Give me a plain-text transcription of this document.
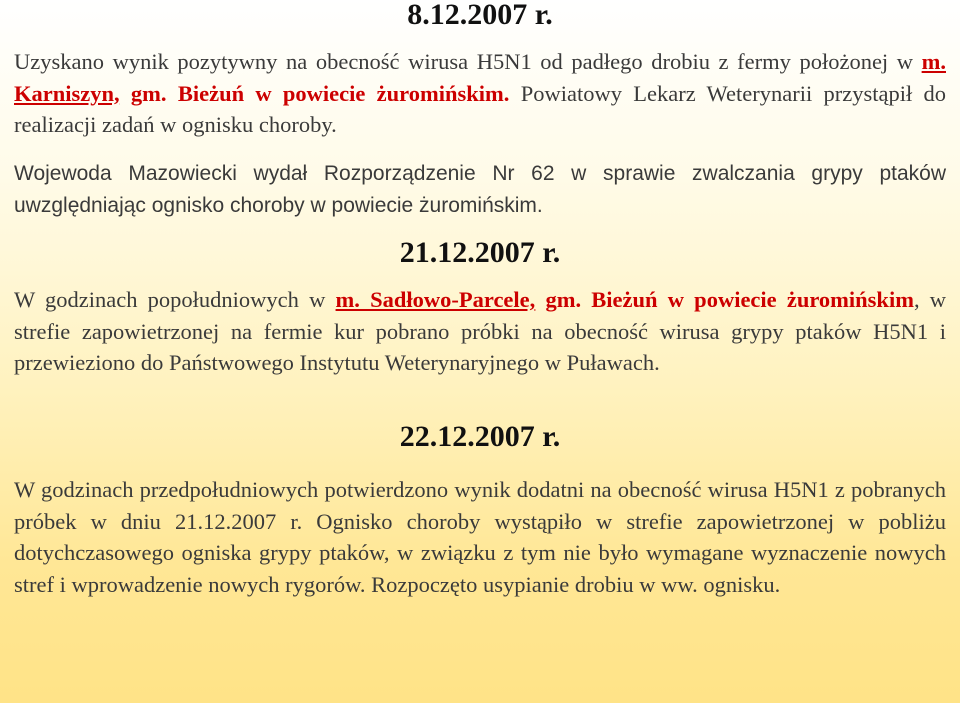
8.12.2007 r.

Uzyskano wynik pozytywny na obecność wirusa H5N1 od padłego drobiu z fermy położonej w m. Karniszyn, gm. Bieżuń w powiecie żuromińskim. Powiatowy Lekarz Weterynarii przystąpił do realizacji zadań w ognisku choroby.

Wojewoda Mazowiecki wydał Rozporządzenie Nr 62 w sprawie zwalczania grypy ptaków uwzględniając ognisko choroby w powiecie żuromińskim.

21.12.2007 r.

W godzinach popołudniowych w m. Sadłowo-Parcele, gm. Bieżuń w powiecie żuromińskim, w strefie zapowietrzonej na fermie kur pobrano próbki na obecność wirusa grypy ptaków H5N1 i przewieziono do Państwowego Instytutu Weterynaryjnego w Puławach.

22.12.2007 r.

W godzinach przedpołudniowych potwierdzono wynik dodatni na obecność wirusa H5N1 z pobranych próbek w dniu 21.12.2007 r. Ognisko choroby wystąpiło w strefie zapowietrzonej w pobliżu dotychczasowego ogniska grypy ptaków, w związku z tym nie było wymagane wyznaczenie nowych stref i wprowadzenie nowych rygorów. Rozpoczęto usypianie drobiu w ww. ognisku.
